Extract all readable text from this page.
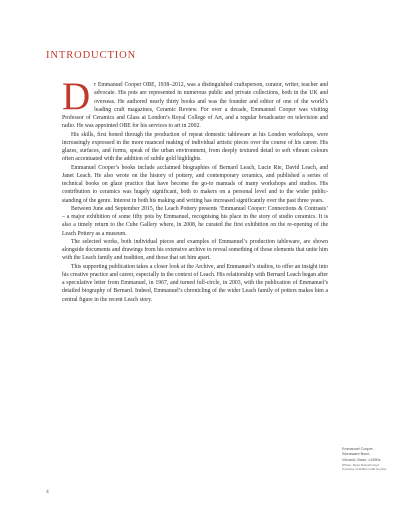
INTRODUCTION

Dr Emmanuel Cooper OBE, 1938–2012, was a distinguished craftsperson, curator, writer, teacher and advocate. His pots are represented in numerous public and private collections, both in the UK and overseas. He authored nearly thirty books and was the founder and editor of one of the world’s leading craft magazines, Ceramic Review. For over a decade, Emmanuel Cooper was visiting Professor of Ceramics and Glass at London’s Royal College of Art, and a regular broadcaster on television and radio. He was appointed OBE for his services to art in 2002.

His skills, first honed through the production of repeat domestic tableware at his London workshops, were increasingly expressed in the more nuanced making of individual artistic pieces over the course of his career. His glazes, surfaces, and forms, speak of the urban environment, from deeply textured detail to soft vibrant colours often accentuated with the addition of subtle gold highlights.

Emmanuel Cooper’s books include acclaimed biographies of Bernard Leach, Lucie Rie, David Leach, and Janet Leach. He also wrote on the history of pottery, and contemporary ceramics, and published a series of technical books on glaze practice that have become the go-to manuals of many workshops and studios. His contribution to ceramics was hugely significant, both to makers on a personal level and to the wider public-standing of the genre. Interest in both his making and writing has increased significantly over the past three years.

Between June and September 2015, the Leach Pottery presents ‘Emmanuel Cooper: Connections & Contrasts’ – a major exhibition of some fifty pots by Emmanuel, recognising his place in the story of studio ceramics. It is also a timely return to the Cube Gallery where, in 2008, he curated the first exhibition on the re-opening of the Leach Pottery as a museum.

The selected works, both individual pieces and examples of Emmanuel’s production tableware, are shown alongside documents and drawings from his extensive archive to reveal something of those elements that unite him with the Leach family and tradition, and those that set him apart.

This supporting publication takes a closer look at the Archive, and Emmanuel’s studios, to offer an insight into his creative practice and career, especially in the context of Leach. His relationship with Bernard Leach began after a speculative letter from Emmanuel, in 1967, and turned full-circle, in 2003, with the publication of Emmanuel’s detailed biography of Bernard. Indeed, Emmanuel’s chronicling of the wider Leach family of potters makes him a central figure in the recent Leach story.

Emmanuel Cooper,
Stoneware Bowl,
Volcanic Glaze, c1990s.
(Photo: Dewi Tannatt Lloyd
Courtesy of Ruthin Craft Centre)
4
